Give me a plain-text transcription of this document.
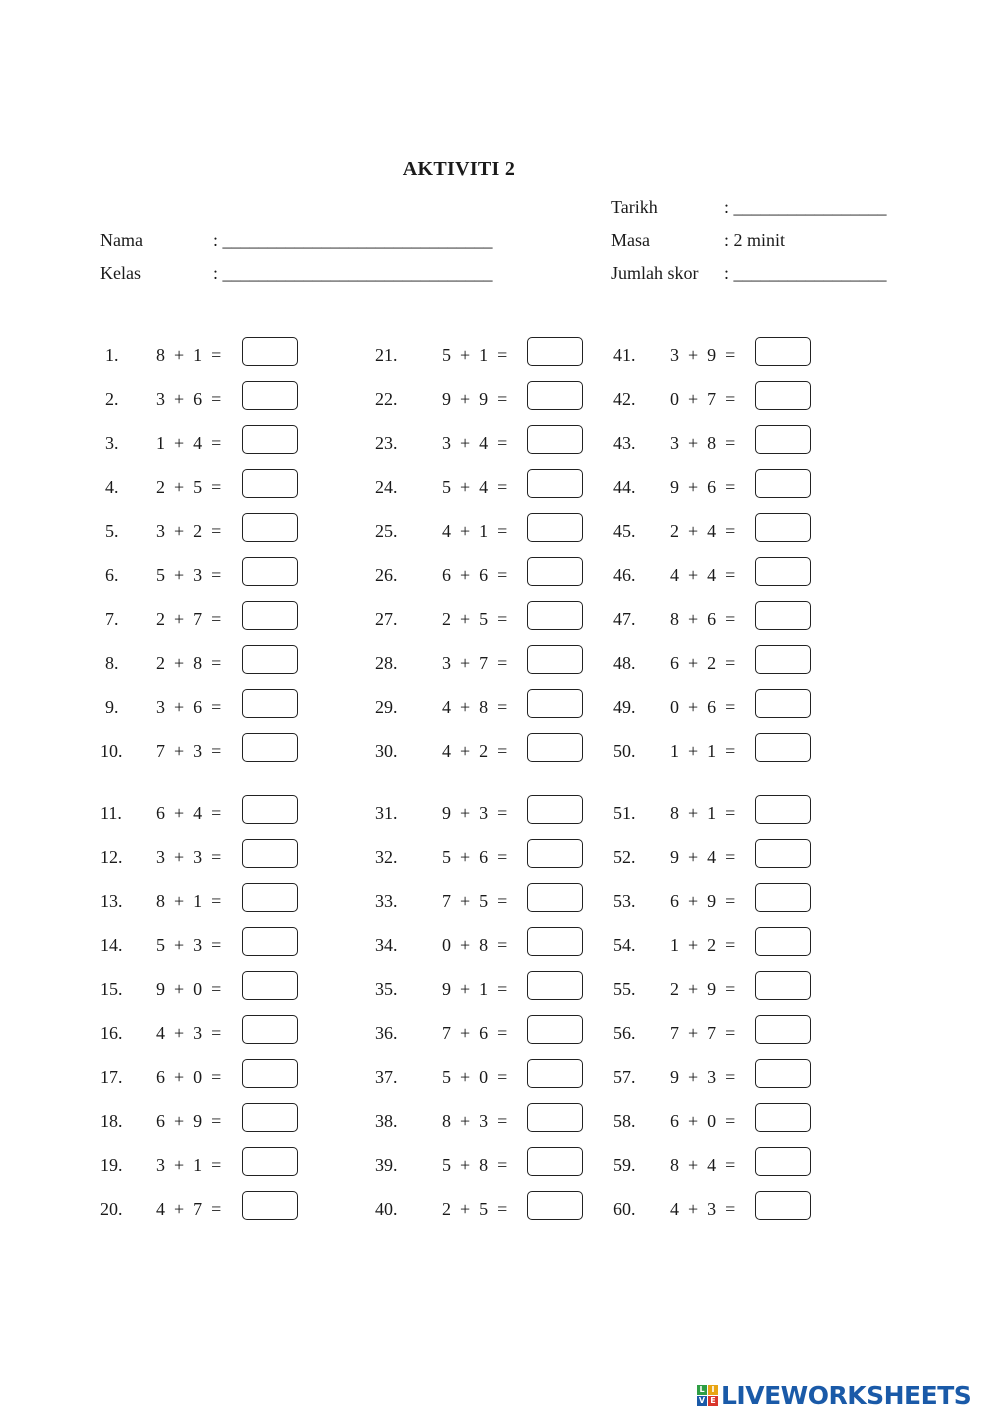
AKTIVITI 2
Tarikh	: _________________
Nama	: ______________________________	Masa	: 2 minit
Kelas	: ______________________________	Jumlah skor : _________________
1. 8  +  1  =
2. 3  +  6  =
3. 1  +  4  =
4. 2  +  5  =
5. 3  +  2  =
6. 5  +  3  =
7. 2  +  7  =
8. 2  +  8  =
9. 3  +  6  =
10. 7  +  3  =
11. 6  +  4  =
12. 3  +  3  =
13. 8  +  1  =
14. 5  +  3  =
15. 9  +  0  =
16. 4  +  3  =
17. 6  +  0  =
18. 6  +  9  =
19. 3  +  1  =
20. 4  +  7  =
21. 5  +  1  =
22. 9  +  9  =
23. 3  +  4  =
24. 5  +  4  =
25. 4  +  1  =
26. 6  +  6  =
27. 2  +  5  =
28. 3  +  7  =
29. 4  +  8  =
30. 4  +  2  =
31. 9  +  3  =
32. 5  +  6  =
33. 7  +  5  =
34. 0  +  8  =
35. 9  +  1  =
36. 7  +  6  =
37. 5  +  0  =
38. 8  +  3  =
39. 5  +  8  =
40. 2  +  5  =
41. 3  +  9  =
42. 0  +  7  =
43. 3  +  8  =
44. 9  +  6  =
45. 2  +  4  =
46. 4  +  4  =
47. 8  +  6  =
48. 6  +  2  =
49. 0  +  6  =
50. 1  +  1  =
51. 8  +  1  =
52. 9  +  4  =
53. 6  +  9  =
54. 1  +  2  =
55. 2  +  9  =
56. 7  +  7  =
57. 9  +  3  =
58. 6  +  0  =
59. 8  +  4  =
60. 4  +  3  =
L I
V E LIVEWORKSHEETS
